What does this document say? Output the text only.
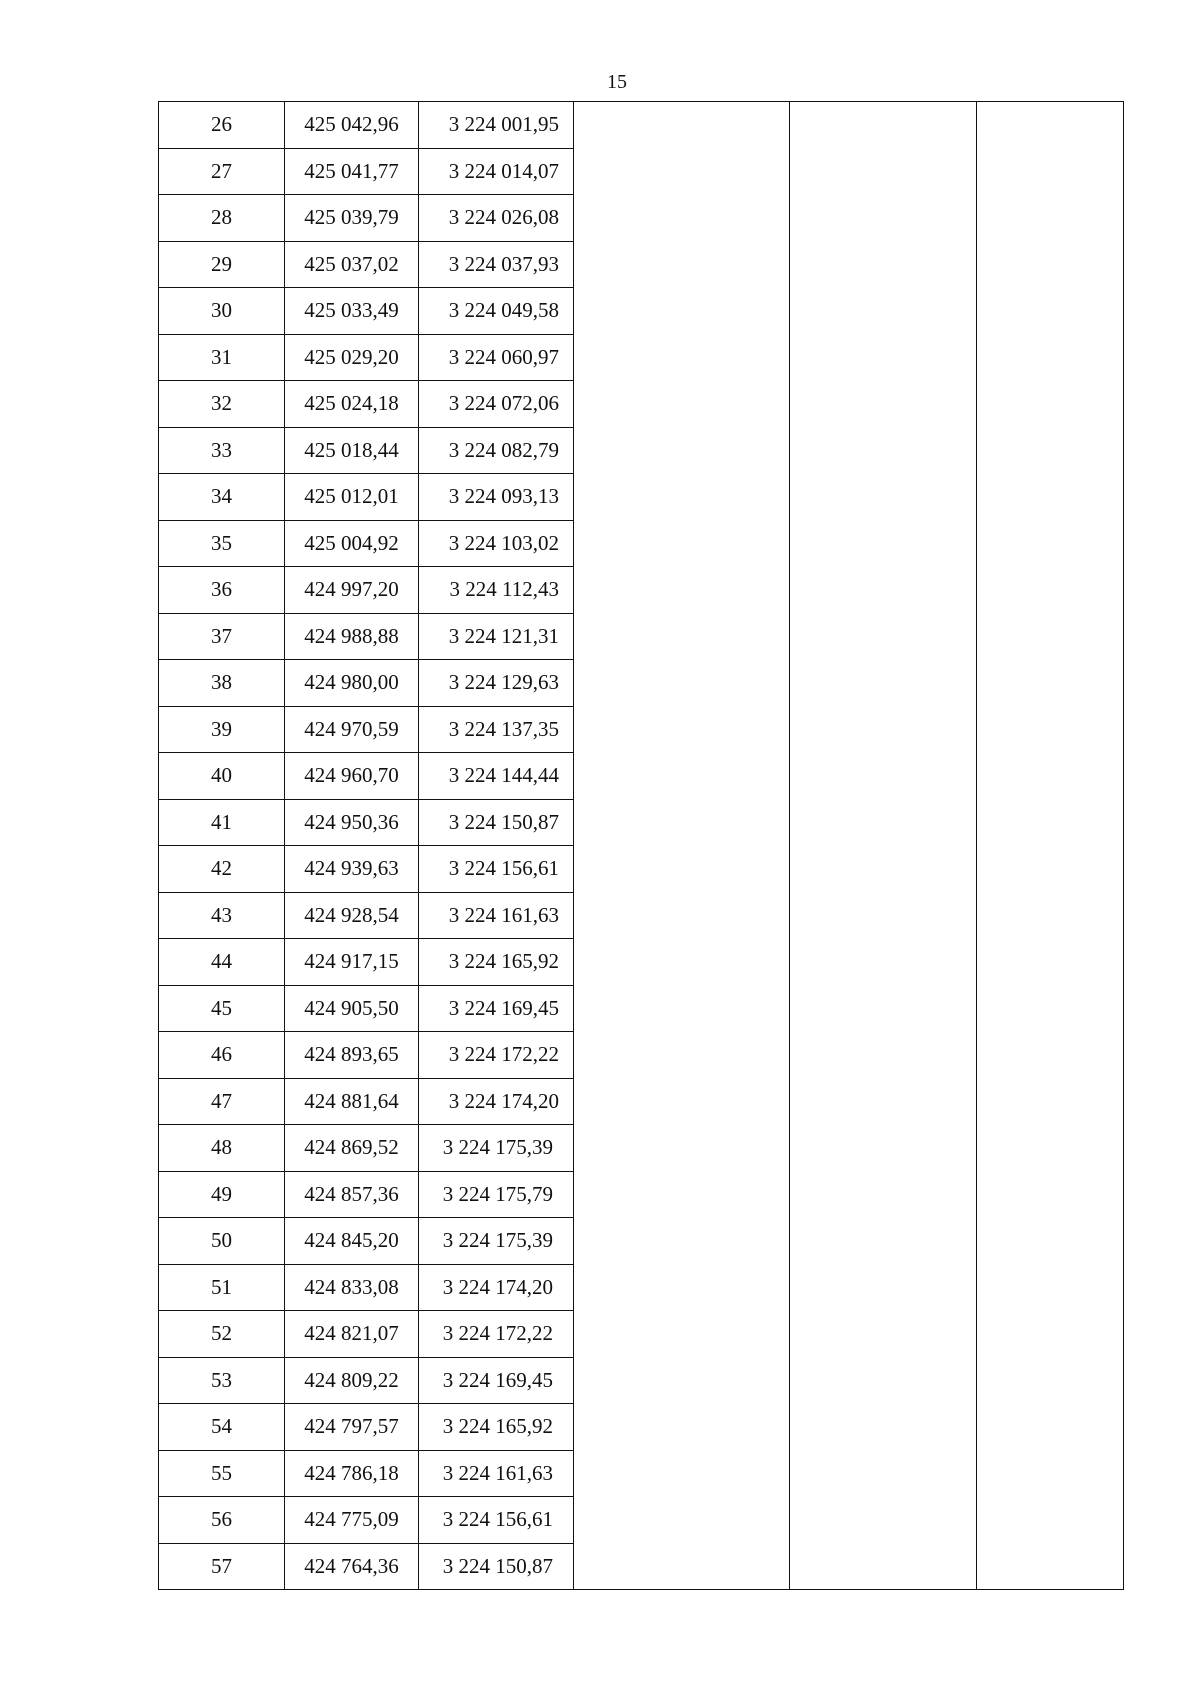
15
26	425 042,96	3 224 001,95			
27	425 041,77	3 224 014,07			
28	425 039,79	3 224 026,08			
29	425 037,02	3 224 037,93			
30	425 033,49	3 224 049,58			
31	425 029,20	3 224 060,97			
32	425 024,18	3 224 072,06			
33	425 018,44	3 224 082,79			
34	425 012,01	3 224 093,13			
35	425 004,92	3 224 103,02			
36	424 997,20	3 224 112,43			
37	424 988,88	3 224 121,31			
38	424 980,00	3 224 129,63			
39	424 970,59	3 224 137,35			
40	424 960,70	3 224 144,44			
41	424 950,36	3 224 150,87			
42	424 939,63	3 224 156,61			
43	424 928,54	3 224 161,63			
44	424 917,15	3 224 165,92			
45	424 905,50	3 224 169,45			
46	424 893,65	3 224 172,22			
47	424 881,64	3 224 174,20			
48	424 869,52	3 224 175,39			
49	424 857,36	3 224 175,79			
50	424 845,20	3 224 175,39			
51	424 833,08	3 224 174,20			
52	424 821,07	3 224 172,22			
53	424 809,22	3 224 169,45			
54	424 797,57	3 224 165,92			
55	424 786,18	3 224 161,63			
56	424 775,09	3 224 156,61			
57	424 764,36	3 224 150,87			
